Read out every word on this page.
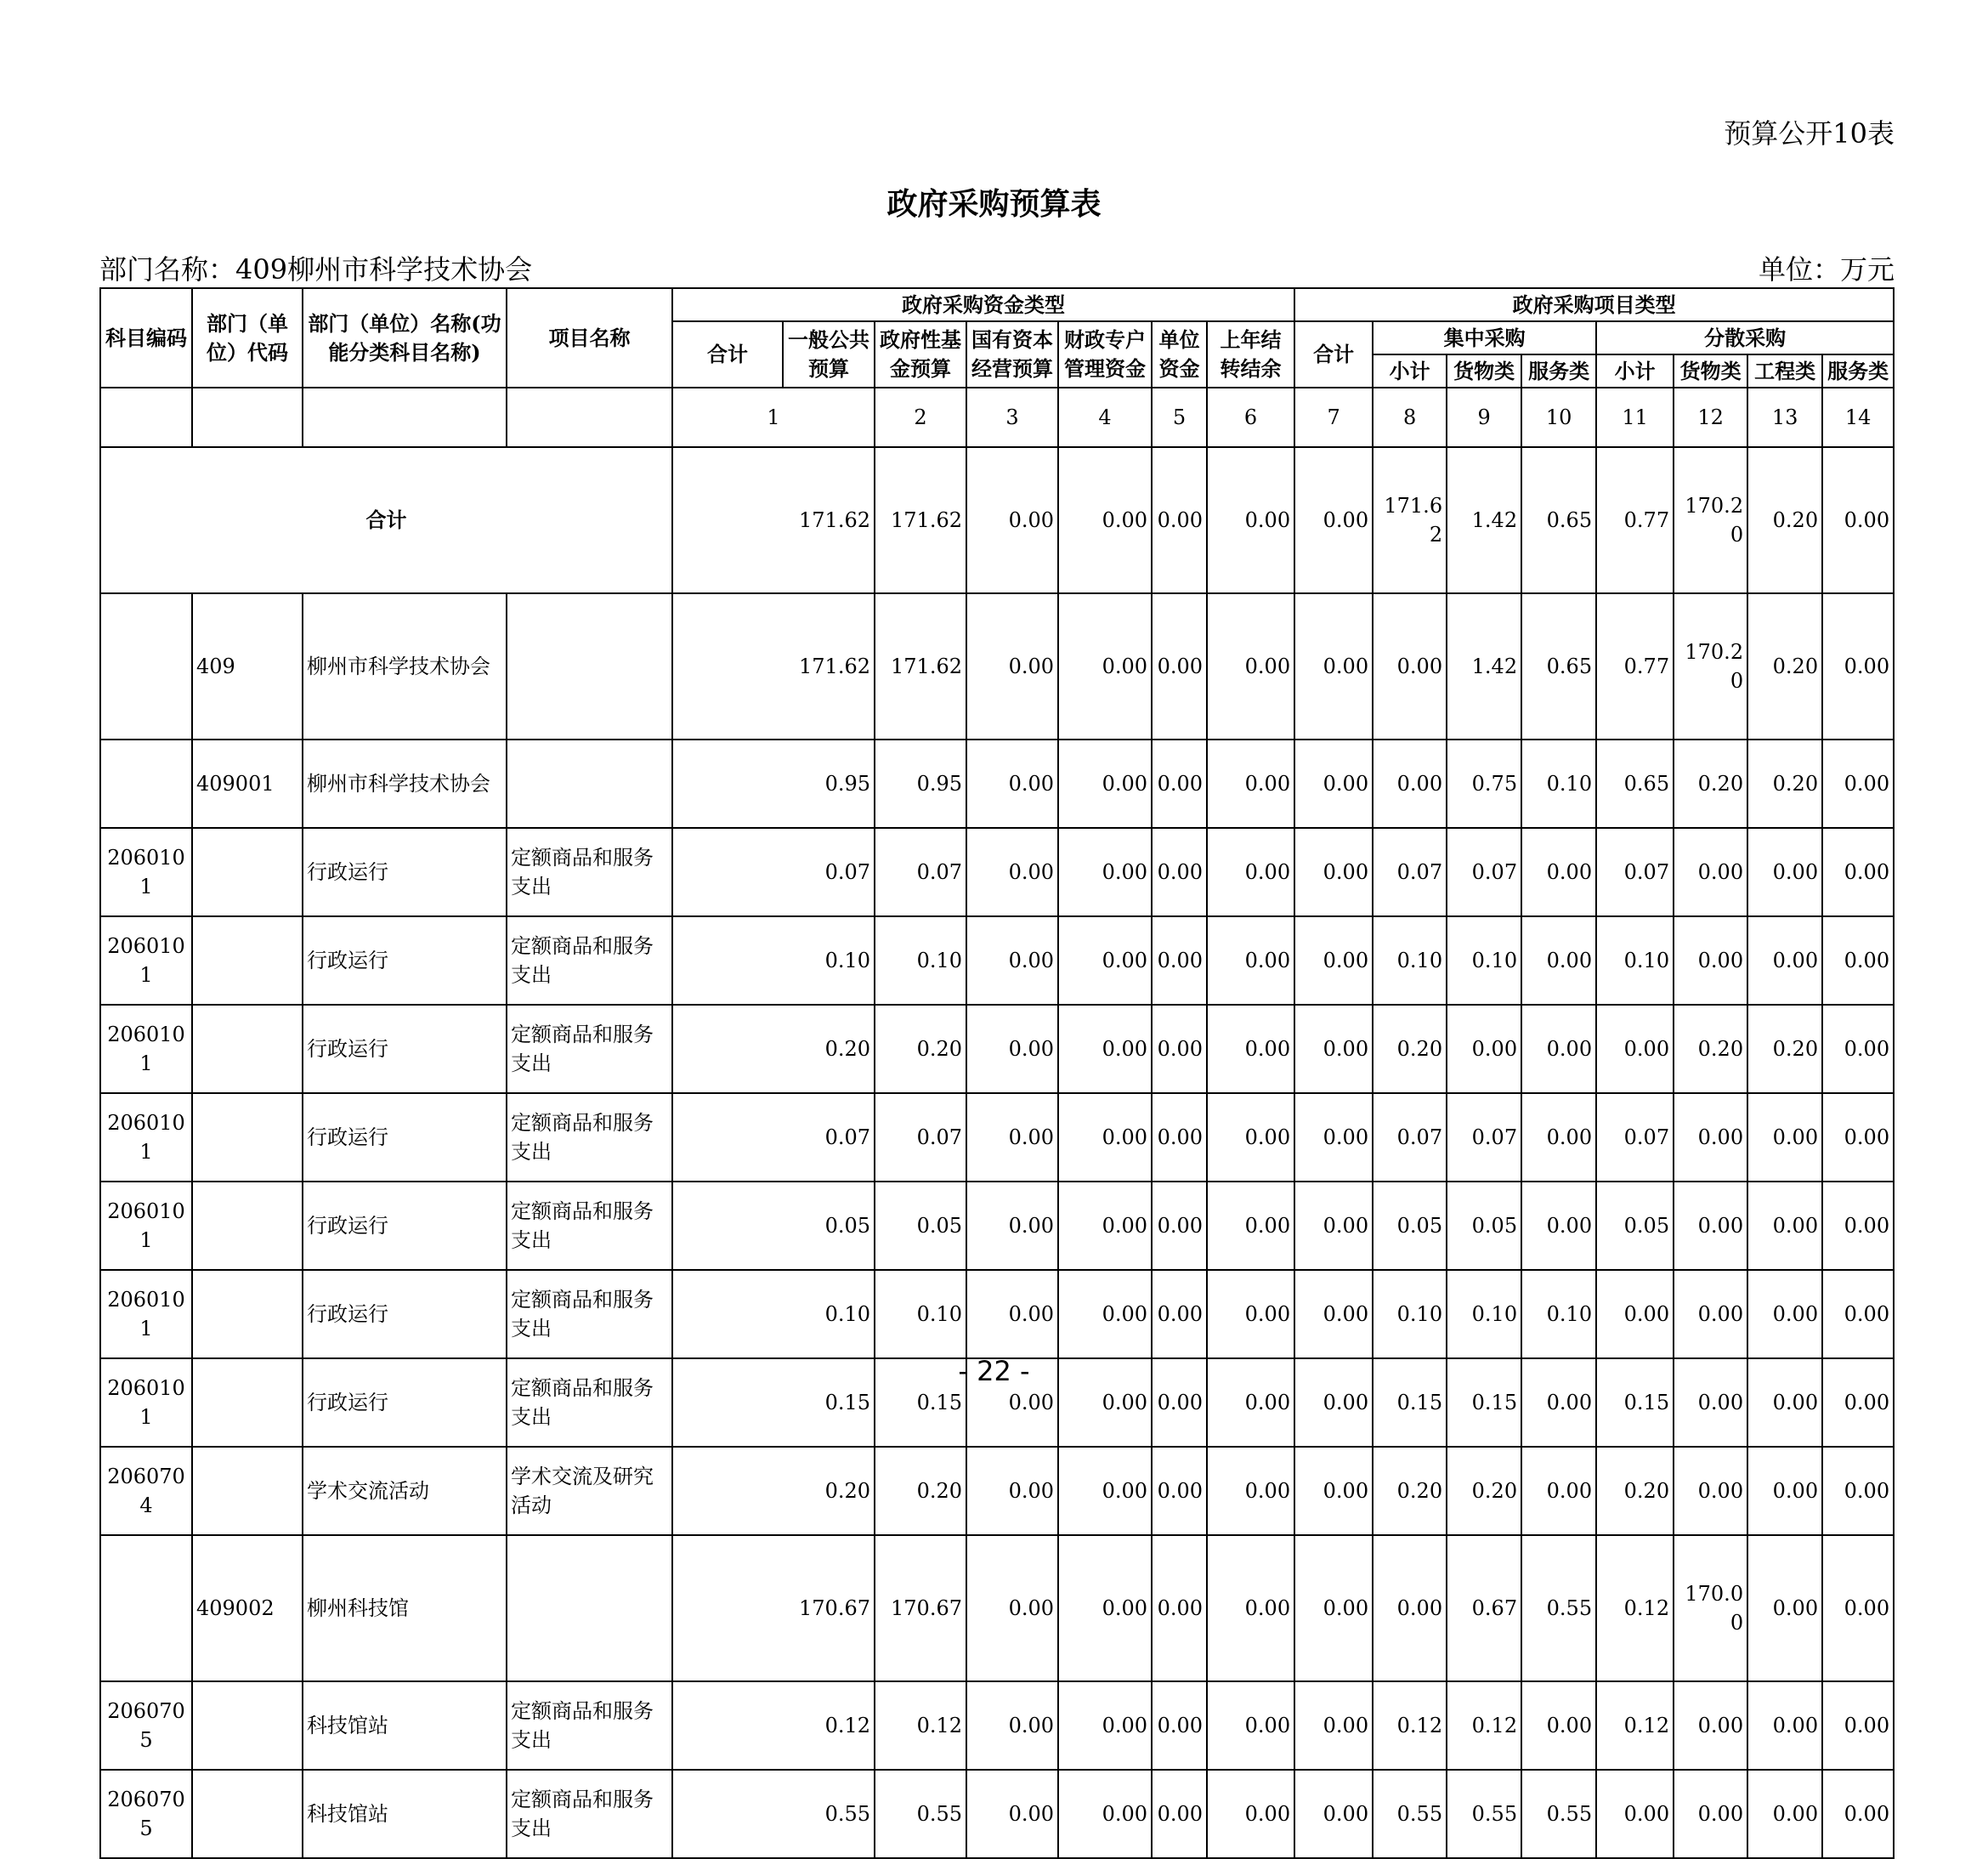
预算公开10表
政府采购预算表
部门名称：409柳州市科学技术协会	单位：万元
科目编码	部门（单位）代码	部门（单位）名称(功能分类科目名称)	项目名称	政府采购资金类型							政府采购项目类型								
				合计	一般公共预算	政府性基金预算	国有资本经营预算	财政专户管理资金	单位资金	上年结转结余	合计	集中采购			分散采购				
												小计	货物类	服务类	小计	货物类	工程类	服务类	
				1		2	3	4	5	6	7	8	9	10	11	12	13	14	
合计				171.62		171.62	0.00	0.00	0.00	0.00	0.00	171.62	1.42	0.65	0.77	170.20	0.20	0.00	
	409	柳州市科学技术协会		171.62		171.62	0.00	0.00	0.00	0.00	0.00	0.00	1.42	0.65	0.77	170.20	0.20	0.00	
	409001	柳州市科学技术协会		0.95		0.95	0.00	0.00	0.00	0.00	0.00	0.00	0.75	0.10	0.65	0.20	0.20	0.00	
2060101		行政运行	定额商品和服务支出	0.07		0.07	0.00	0.00	0.00	0.00	0.00	0.07	0.07	0.00	0.07	0.00	0.00	0.00	
2060101		行政运行	定额商品和服务支出	0.10		0.10	0.00	0.00	0.00	0.00	0.00	0.10	0.10	0.00	0.10	0.00	0.00	0.00	
2060101		行政运行	定额商品和服务支出	0.20		0.20	0.00	0.00	0.00	0.00	0.00	0.20	0.00	0.00	0.00	0.20	0.20	0.00	
2060101		行政运行	定额商品和服务支出	0.07		0.07	0.00	0.00	0.00	0.00	0.00	0.07	0.07	0.00	0.07	0.00	0.00	0.00	
2060101		行政运行	定额商品和服务支出	0.05		0.05	0.00	0.00	0.00	0.00	0.00	0.05	0.05	0.00	0.05	0.00	0.00	0.00	
2060101		行政运行	定额商品和服务支出	0.10		0.10	0.00	0.00	0.00	0.00	0.00	0.10	0.10	0.10	0.00	0.00	0.00	0.00	
2060101		行政运行	定额商品和服务支出	0.15		0.15	0.00	0.00	0.00	0.00	0.00	0.15	0.15	0.00	0.15	0.00	0.00	0.00	
2060704		学术交流活动	学术交流及研究活动	0.20		0.20	0.00	0.00	0.00	0.00	0.00	0.20	0.20	0.00	0.20	0.00	0.00	0.00	
	409002	柳州科技馆		170.67		170.67	0.00	0.00	0.00	0.00	0.00	0.00	0.67	0.55	0.12	170.00	0.00	0.00	
2060705		科技馆站	定额商品和服务支出	0.12		0.12	0.00	0.00	0.00	0.00	0.00	0.12	0.12	0.00	0.12	0.00	0.00	0.00	
2060705		科技馆站	定额商品和服务支出	0.55		0.55	0.00	0.00	0.00	0.00	0.00	0.55	0.55	0.55	0.00	0.00	0.00	0.00	
- 22 -
